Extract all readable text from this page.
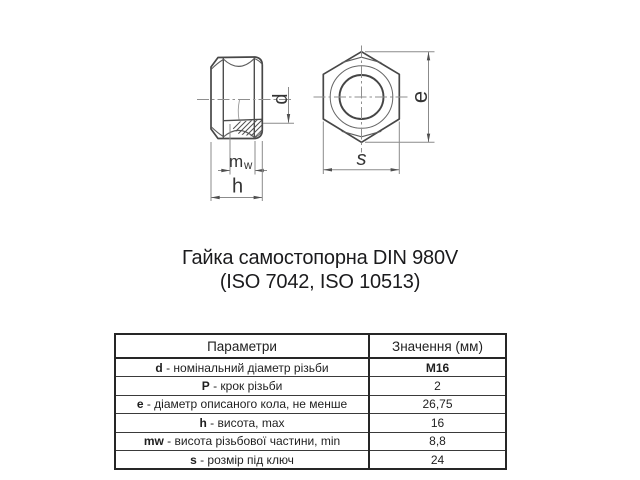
d
m w
h
e
s
Гайка самостопорна DIN 980V
(ISO 7042, ISO 10513)
Параметри	Значення (мм)
d - номінальний діаметр різьби	M16
P - крок різьби	2
e - діаметр описаного кола, не менше	26,75
h - висота, max	16
mw - висота різьбової частини, min	8,8
s - розмір під ключ	24
